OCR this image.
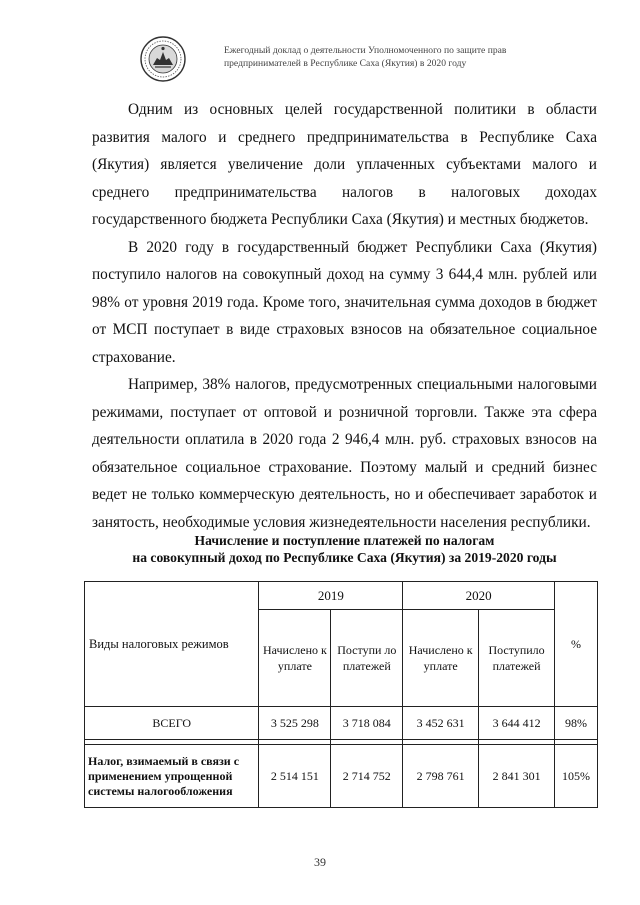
Ежегодный доклад о деятельности Уполномоченного по защите прав
предпринимателей в Республике Саха (Якутия) в 2020 году

Одним из основных целей государственной политики в области развития малого и среднего предпринимательства в Республике Саха (Якутия) является увеличение доли уплаченных субъектами малого и среднего предпринимательства налогов в налоговых доходах государственного бюджета Республики Саха (Якутия) и местных бюджетов.

В 2020 году в государственный бюджет Республики Саха (Якутия) поступило налогов на совокупный доход на сумму 3 644,4 млн. рублей или 98% от уровня 2019 года. Кроме того, значительная сумма доходов в бюджет от МСП поступает в виде страховых взносов на обязательное социальное страхование.

Например, 38% налогов, предусмотренных специальными налоговыми режимами, поступает от оптовой и розничной торговли. Также эта сфера деятельности оплатила в 2020 года 2 946,4 млн. руб. страховых взносов на обязательное социальное страхование. Поэтому малый и средний бизнес ведет не только коммерческую деятельность, но и обеспечивает заработок и занятость, необходимые условия жизнедеятельности населения республики.

Начисление и поступление платежей по налогам
на совокупный доход по Республике Саха (Якутия) за 2019-2020 годы
Виды налоговых режимов	2019		2020		%
	Начислено к уплате	Поступи ло платежей	Начислено к уплате	Поступило платежей	
ВСЕГО	3 525 298	3 718 084	3 452 631	3 644 412	98%

Налог, взимаемый в связи с применением упрощенной системы налогообложения	2 514 151	2 714 752	2 798 761	2 841 301	105%
39
